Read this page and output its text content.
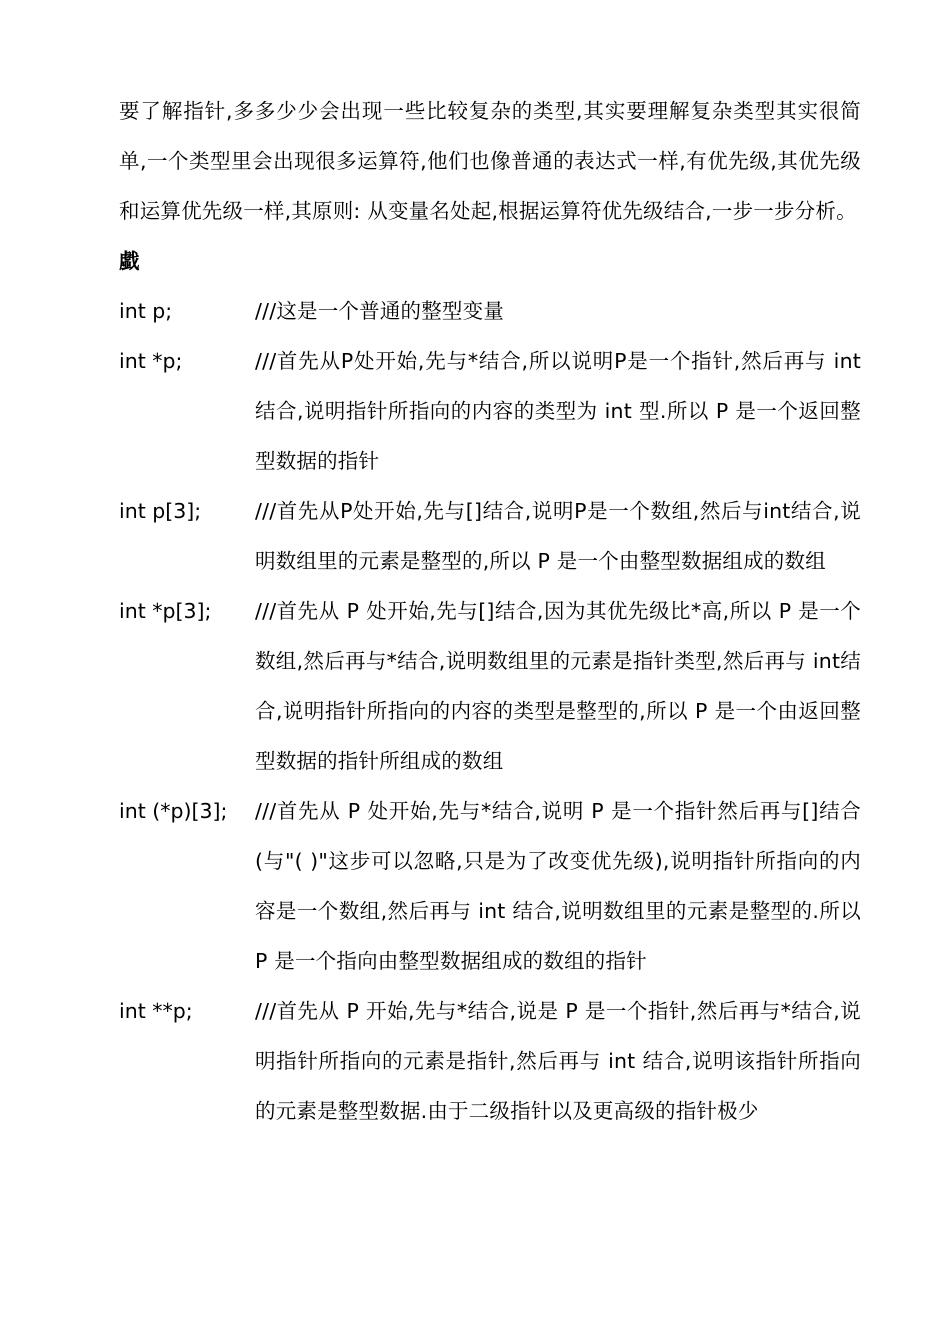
要了解指针,多多少少会出现一些比较复杂的类型,其实要理解复杂类型其实很简单,一个类型里会出现很多运算符,他们也像普通的表达式一样,有优先级,其优先级和运算优先级一样,其原则: 从变量名处起,根据运算符优先级结合,一步一步分析。

戱

int p;	///这是一个普通的整型变量
int *p;	///首先从P处开始,先与*结合,所以说明P是一个指针,然后再与 int 结合,说明指针所指向的内容的类型为 int 型.所以 P 是一个返回整型数据的指针
int p[3];	///首先从P处开始,先与[]结合,说明P是一个数组,然后与int结合,说明数组里的元素是整型的,所以 P 是一个由整型数据组成的数组
int *p[3];	///首先从 P 处开始,先与[]结合,因为其优先级比*高,所以 P 是一个数组,然后再与*结合,说明数组里的元素是指针类型,然后再与 int结合,说明指针所指向的内容的类型是整型的,所以 P 是一个由返回整型数据的指针所组成的数组
int (*p)[3];	///首先从 P 处开始,先与*结合,说明 P 是一个指针然后再与[]结合(与"( )"这步可以忽略,只是为了改变优先级),说明指针所指向的内容是一个数组,然后再与 int 结合,说明数组里的元素是整型的.所以 P 是一个指向由整型数据组成的数组的指针
int **p;	///首先从 P 开始,先与*结合,说是 P 是一个指针,然后再与*结合,说明指针所指向的元素是指针,然后再与 int 结合,说明该指针所指向的元素是整型数据.由于二级指针以及更高级的指针极少
